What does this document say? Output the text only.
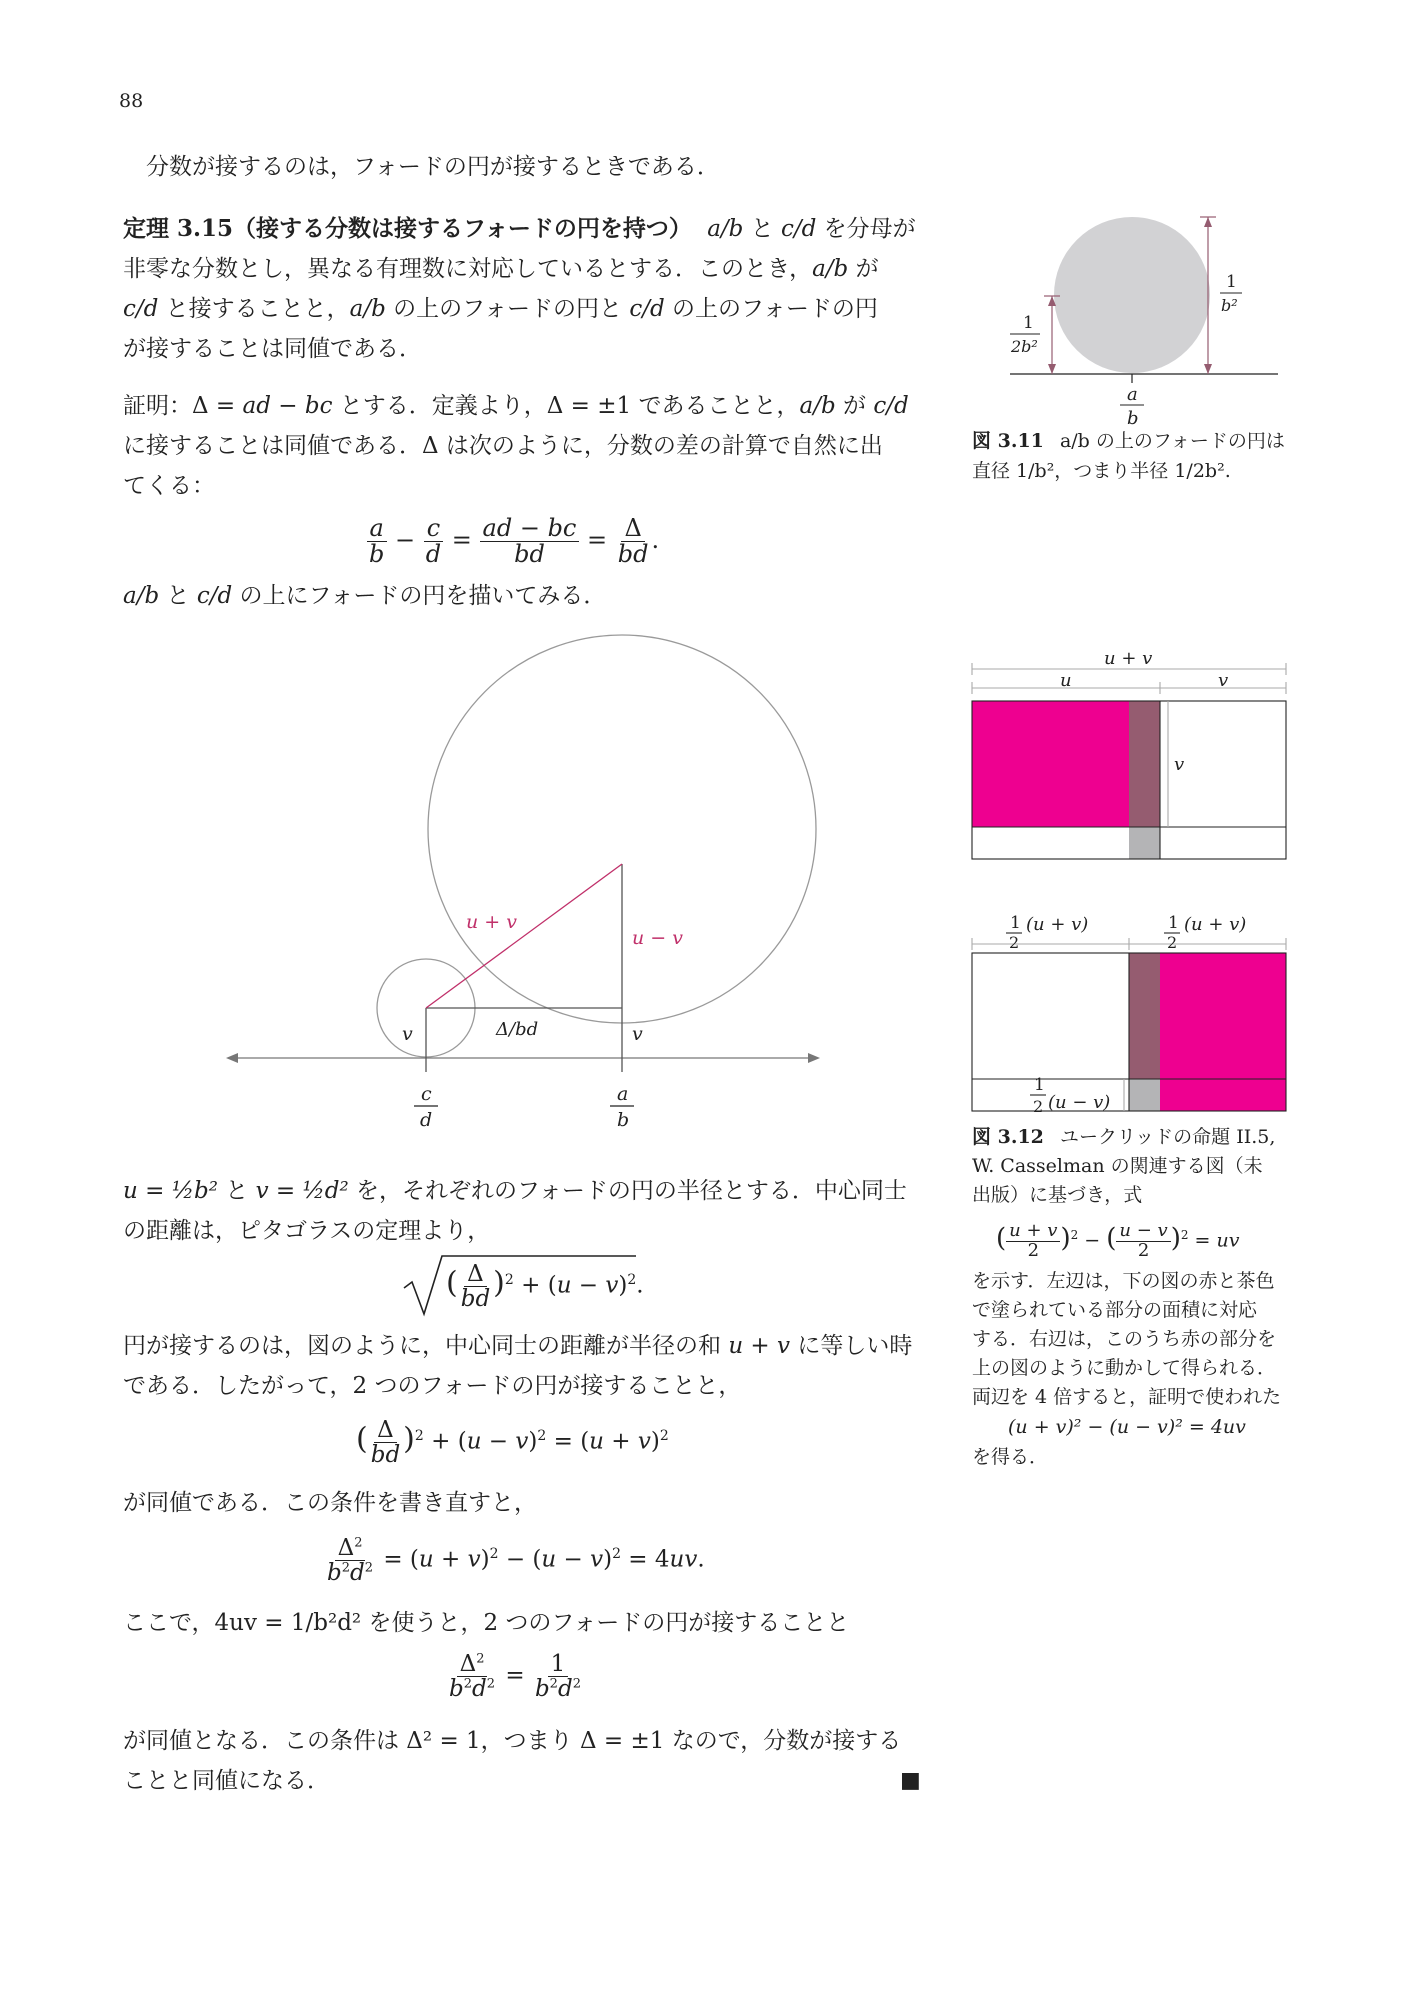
88
分数が接するのは，フォードの円が接するときである．
定理 3.15（接する分数は接するフォードの円を持つ） a/b と c/d を分母が
非零な分数とし，異なる有理数に対応しているとする．このとき，a/b が
c/d と接することと，a/b の上のフォードの円と c/d の上のフォードの円
が接することは同値である．
証明：Δ = ad − bc とする．定義より，Δ = ±1 であることと，a/b が c/d
に接することは同値である．Δ は次のように，分数の差の計算で自然に出
てくる：
$\frac{a}{b} - \frac{c}{d} = \frac{ad - bc}{bd} = \frac{\Delta}{bd}$ .
a/b と c/d の上にフォードの円を描いてみる．
u + v
u − v
Δ/bd
v	v
c
d
a
b
u = ½b² と v = ½d² を，それぞれのフォードの円の半径とする．中心同士
の距離は，ピタゴラスの定理より，
( $\frac{\Delta}{bd} )^2 + (u - v)^2$.
円が接するのは，図のように，中心同士の距離が半径の和 u + v に等しい時
である．したがって，2 つのフォードの円が接することと，
( $\frac{\Delta}{bd} )^2 + (u - v)^2 = (u + v)^2$
が同値である．この条件を書き直すと，
$\frac{\Delta^2}{b^2d^2} = (u + v)^2 - (u - v)^2 = 4uv$.
ここで，4uv = 1/b²d² を使うと，2 つのフォードの円が接することと
$\frac{\Delta^2}{b^2d^2} = \frac{1}{b^2d^2}$
が同値となる．この条件は Δ² = 1，つまり Δ = ±1 なので，分数が接する
ことと同値になる．	■
1
2b²
1
b²
a
b
図 3.11 a/b の上のフォードの円は
直径 1/b²，つまり半径 1/2b².
u + v
u	v
v
1
2
(u + v)	1
2
(u + v)
1
2 (u − v)
図 3.12 ユークリッドの命題 II.5,
W. Casselman の関連する図（未
出版）に基づき，式
( $\frac{u + v}{2} )^2$ − ( $\frac{u - v}{2} )^2$ = uv
を示す．左辺は，下の図の赤と茶色
で塗られている部分の面積に対応
する．右辺は，このうち赤の部分を
上の図のように動かして得られる．
両辺を 4 倍すると，証明で使われた
(u + v)² − (u − v)² = 4uv
を得る．
